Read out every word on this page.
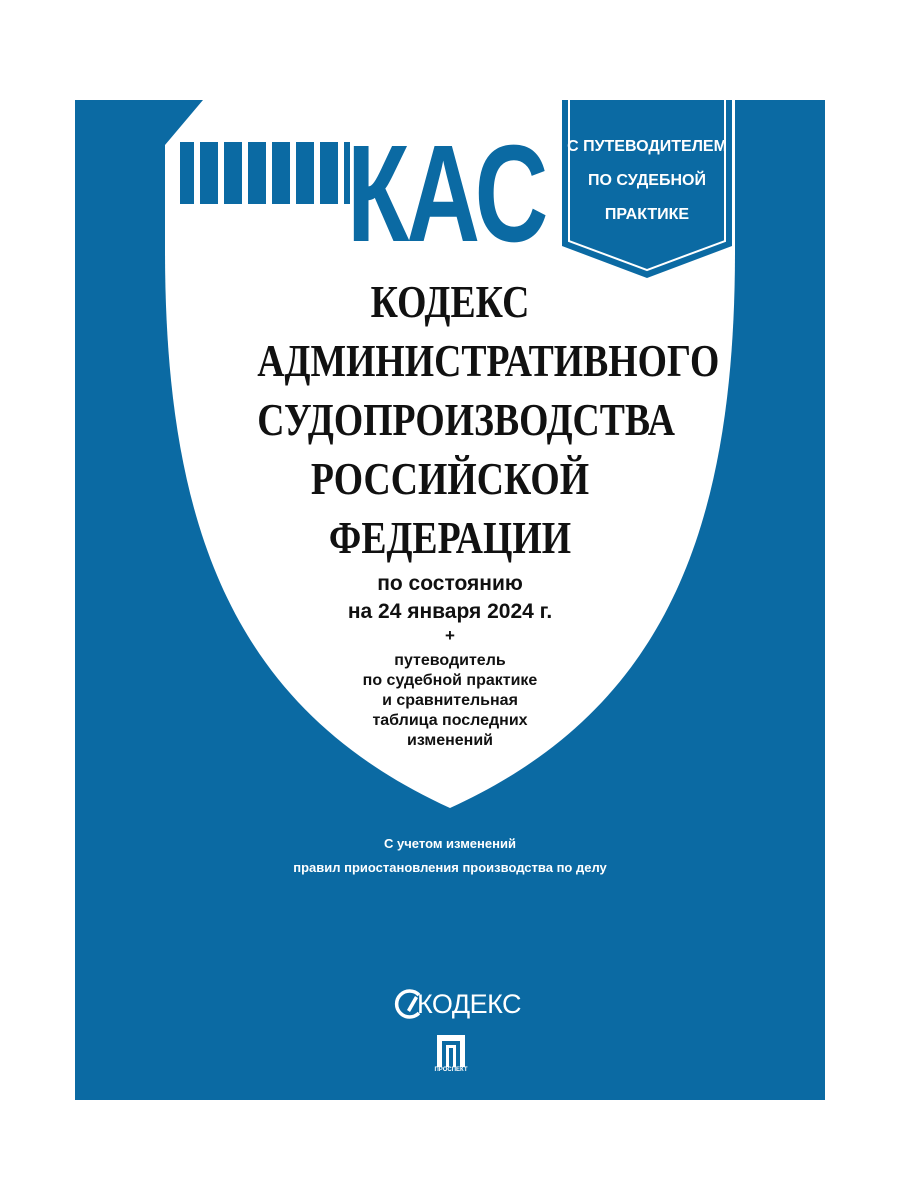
КАС	С ПУТЕВОДИТЕЛЕМ
ПО СУДЕБНОЙ
ПРАКТИКЕ
КОДЕКС
АДМИНИСТРАТИВНОГО
СУДОПРОИЗВОДСТВА
РОССИЙСКОЙ
ФЕДЕРАЦИИ
по состоянию
на 24 января 2024 г.
+
путеводитель
по судебной практике
и сравнительная
таблица последних
изменений
С учетом изменений
правил приостановления производства по делу
КОДЕКС
ПРОСПЕКТ
